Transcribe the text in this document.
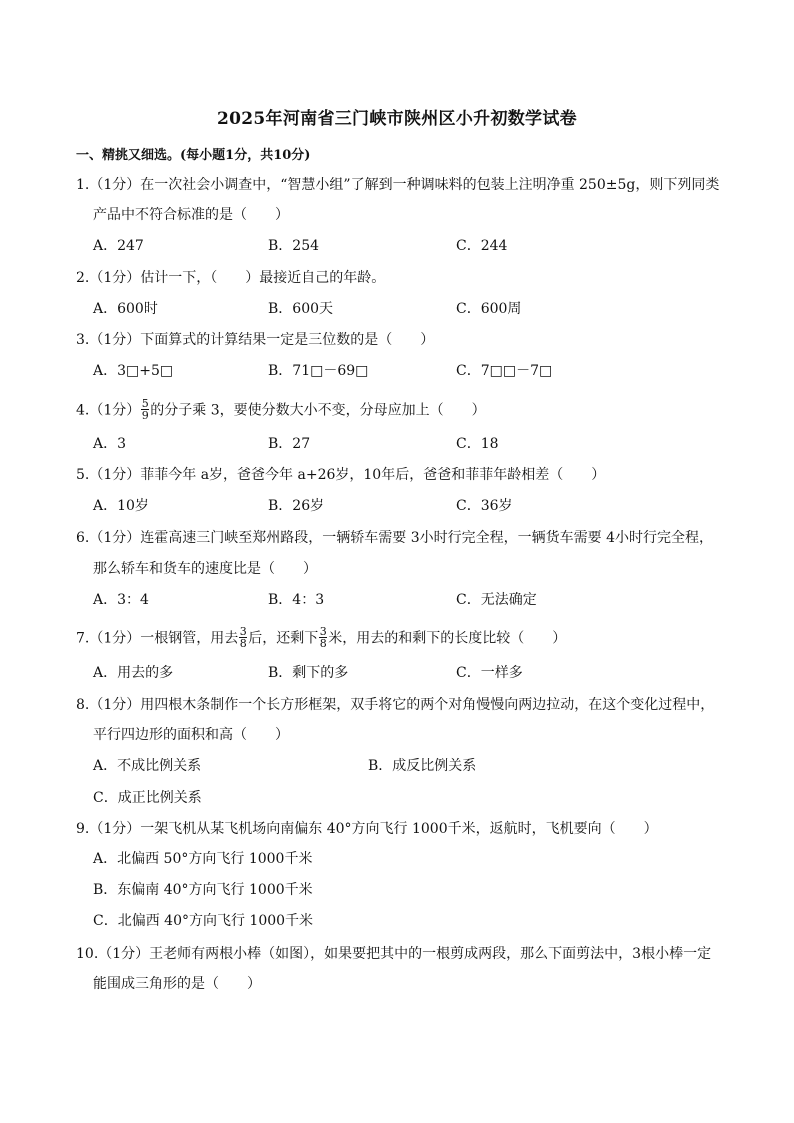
2025年河南省三门峡市陕州区小升初数学试卷
一、精挑又细选。(每小题1分，共10分)
1.（1分）在一次社会小调查中，“智慧小组”了解到一种调味料的包装上注明净重 250±5g，则下列同类
产品中不符合标准的是（　　）
A．247	B．254	C．244
2.（1分）估计一下，（　　）最接近自己的年龄。
A．600时	B．600天	C．600周
3.（1分）下面算式的计算结果一定是三位数的是（　　）
A．3□+5□	B．71□－69□	C．7□□－7□
4.（1分） $\frac{5}{9}$ 的分子乘 3，要使分数大小不变，分母应加上（　　）
A．3	B．27	C．18
5.（1分）菲菲今年 a岁，爸爸今年 a+26岁，10年后，爸爸和菲菲年龄相差（　　）
A．10岁	B．26岁	C．36岁
6.（1分）连霍高速三门峡至郑州路段，一辆轿车需要 3小时行完全程，一辆货车需要 4小时行完全程，
那么轿车和货车的速度比是（　　）
A．3：4	B．4：3	C．无法确定
7.（1分）一根钢管，用去 $\frac{3}{8}$ 后，还剩下 $\frac{3}{8}$ 米，用去的和剩下的长度比较（　　）
A．用去的多	B．剩下的多	C．一样多
8.（1分）用四根木条制作一个长方形框架，双手将它的两个对角慢慢向两边拉动，在这个变化过程中，
平行四边形的面积和高（　　）
A．不成比例关系	B．成反比例关系
C．成正比例关系
9.（1分）一架飞机从某飞机场向南偏东 40°方向飞行 1000千米，返航时，飞机要向（　　）
A．北偏西 50°方向飞行 1000千米
B．东偏南 40°方向飞行 1000千米
C．北偏西 40°方向飞行 1000千米
10.（1分）王老师有两根小棒（如图），如果要把其中的一根剪成两段，那么下面剪法中，3根小棒一定
能围成三角形的是（　　）
